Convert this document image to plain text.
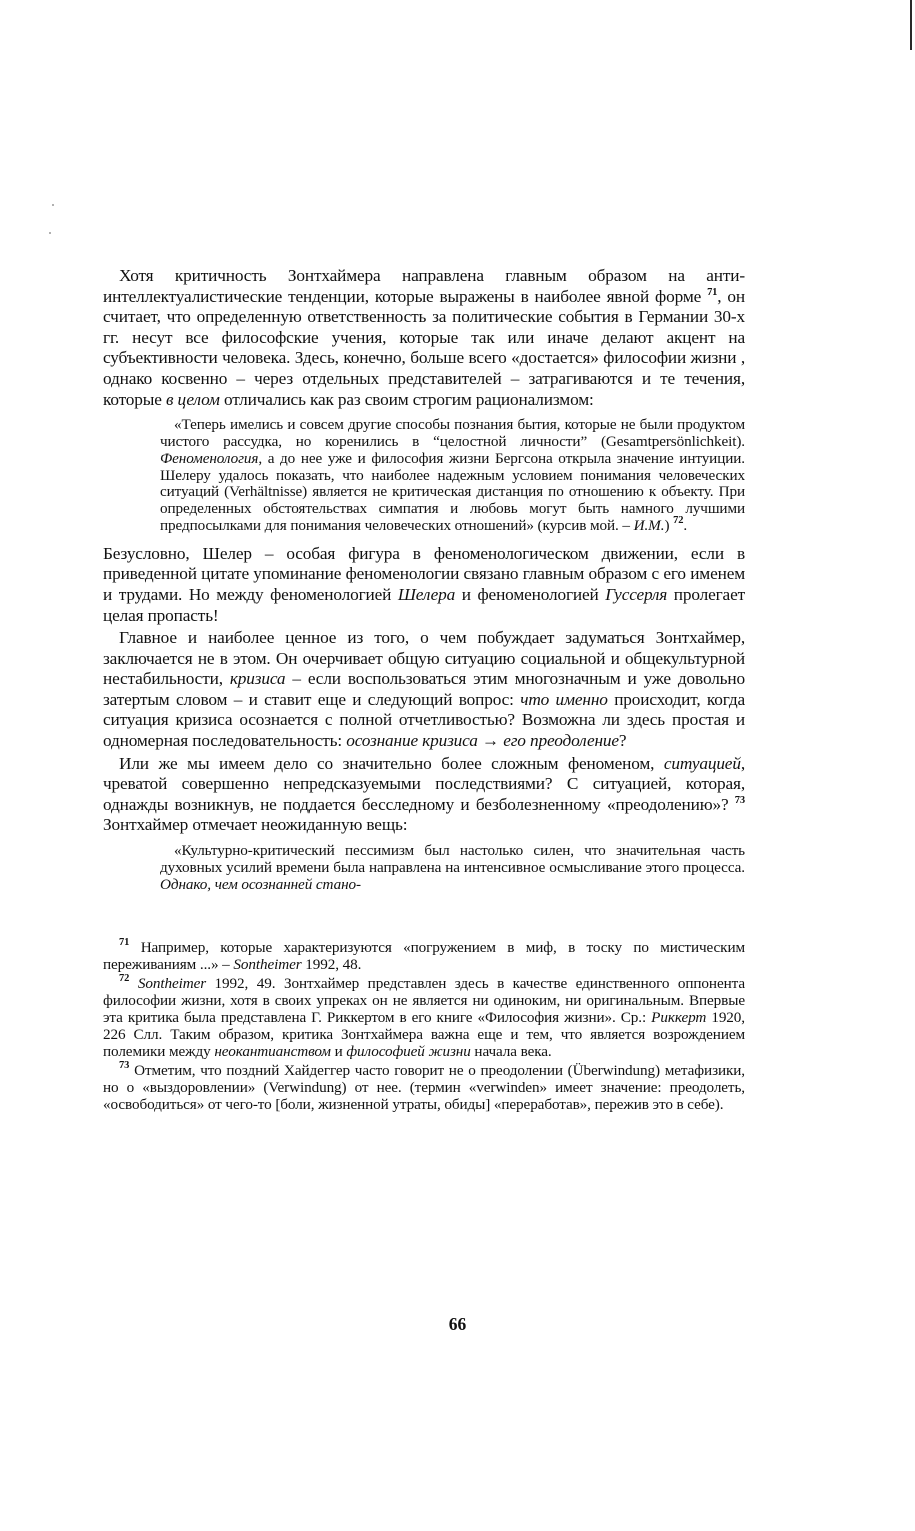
Хотя критичность Зонтхаймера направлена главным образом на анти-интеллектуалистические тенденции, которые выражены в наиболее явной форме $^{71}$, он считает, что определенную ответственность за политические события в Германии 30-х гг. несут все философские учения, которые так или иначе делают акцент на субъективности человека. Здесь, конечно, больше всего «достается» философии жизни , однако косвенно – через отдельных представителей – затрагиваются и те течения, которые в целом отличались как раз своим строгим рационализмом:

«Теперь имелись и совсем другие способы познания бытия, которые не были продуктом чистого рассудка, но коренились в “целостной личности” (Gesamtpersönlichkeit). Феноменология, а до нее уже и философия жизни Бергсона открыла значение интуиции. Шелеру удалось показать, что наиболее надежным условием понимания человеческих ситуаций (Verhältnisse) является не критическая дистанция по отношению к объекту. При определенных обстоятельствах симпатия и любовь могут быть намного лучшими предпосылками для понимания человеческих отношений» (курсив мой. – И.М.) $^{72}$.

Безусловно, Шелер – особая фигура в феноменологическом движении, если в приведенной цитате упоминание феноменологии связано главным образом с его именем и трудами. Но между феноменологией Шелера и феноменологией Гуссерля пролегает целая пропасть!

Главное и наиболее ценное из того, о чем побуждает задуматься Зонтхаймер, заключается не в этом. Он очерчивает общую ситуацию социальной и общекультурной нестабильности, кризиса – если воспользоваться этим многозначным и уже довольно затертым словом – и ставит еще и следующий вопрос: что именно происходит, когда ситуация кризиса осознается с полной отчетливостью? Возможна ли здесь простая и одномерная последовательность: осознание кризиса → его преодоление?

Или же мы имеем дело со значительно более сложным феноменом, ситуацией, чреватой совершенно непредсказуемыми последствиями? С ситуацией, которая, однажды возникнув, не поддается бесследному и безболезненному «преодолению»? $^{73}$ Зонтхаймер отмечает неожиданную вещь:

«Культурно-критический пессимизм был настолько силен, что значительная часть духовных усилий времени была направлена на интенсивное осмысливание этого процесса. Однако, чем осознанней стано-

$^{71}$ Например, которые характеризуются «погружением в миф, в тоску по мистическим переживаниям ...» – Sontheimer 1992, 48.

$^{72}$ Sontheimer 1992, 49. Зонтхаймер представлен здесь в качестве единственного оппонента философии жизни, хотя в своих упреках он не является ни одиноким, ни оригинальным. Впервые эта критика была представлена Г. Риккертом в его книге «Философия жизни». Ср.: Риккерт 1920, 226 Слл. Таким образом, критика Зонтхаймера важна еще и тем, что является возрождением полемики между неокантианством и философией жизни начала века.

$^{73}$ Отметим, что поздний Хайдеггер часто говорит не о преодолении (Überwindung) метафизики, но о «выздоровлении» (Verwindung) от нее. (термин «verwinden» имеет значение: преодолеть, «освободиться» от чего-то [боли, жизненной утраты, обиды] «переработав», пережив это в себе).

66
